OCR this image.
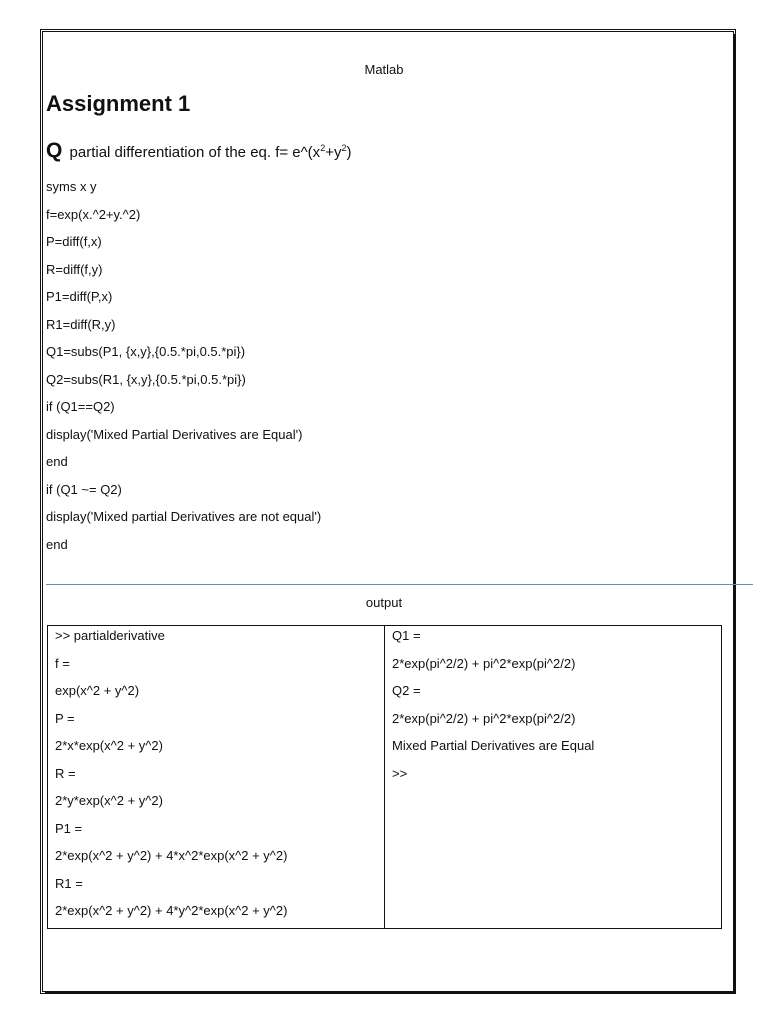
Matlab
Assignment 1
Q partial differentiation of the eq. $f= e\^{}(x^2+y^2)$
syms x y
f=exp(x.^2+y.^2)
P=diff(f,x)
R=diff(f,y)
P1=diff(P,x)
R1=diff(R,y)
Q1=subs(P1, {x,y},{0.5.*pi,0.5.*pi})
Q2=subs(R1, {x,y},{0.5.*pi,0.5.*pi})
if (Q1==Q2)
display('Mixed Partial Derivatives are Equal')
end
if (Q1 ~= Q2)
display('Mixed partial Derivatives are not equal')
end
output
>> partialderivative
f =
exp(x^2 + y^2)
P =
2*x*exp(x^2 + y^2)
R =
2*y*exp(x^2 + y^2)
P1 =
2*exp(x^2 + y^2) + 4*x^2*exp(x^2 + y^2)
R1 =
2*exp(x^2 + y^2) + 4*y^2*exp(x^2 + y^2)
Q1 =
2*exp(pi^2/2) + pi^2*exp(pi^2/2)
Q2 =
2*exp(pi^2/2) + pi^2*exp(pi^2/2)
Mixed Partial Derivatives are Equal
>>
